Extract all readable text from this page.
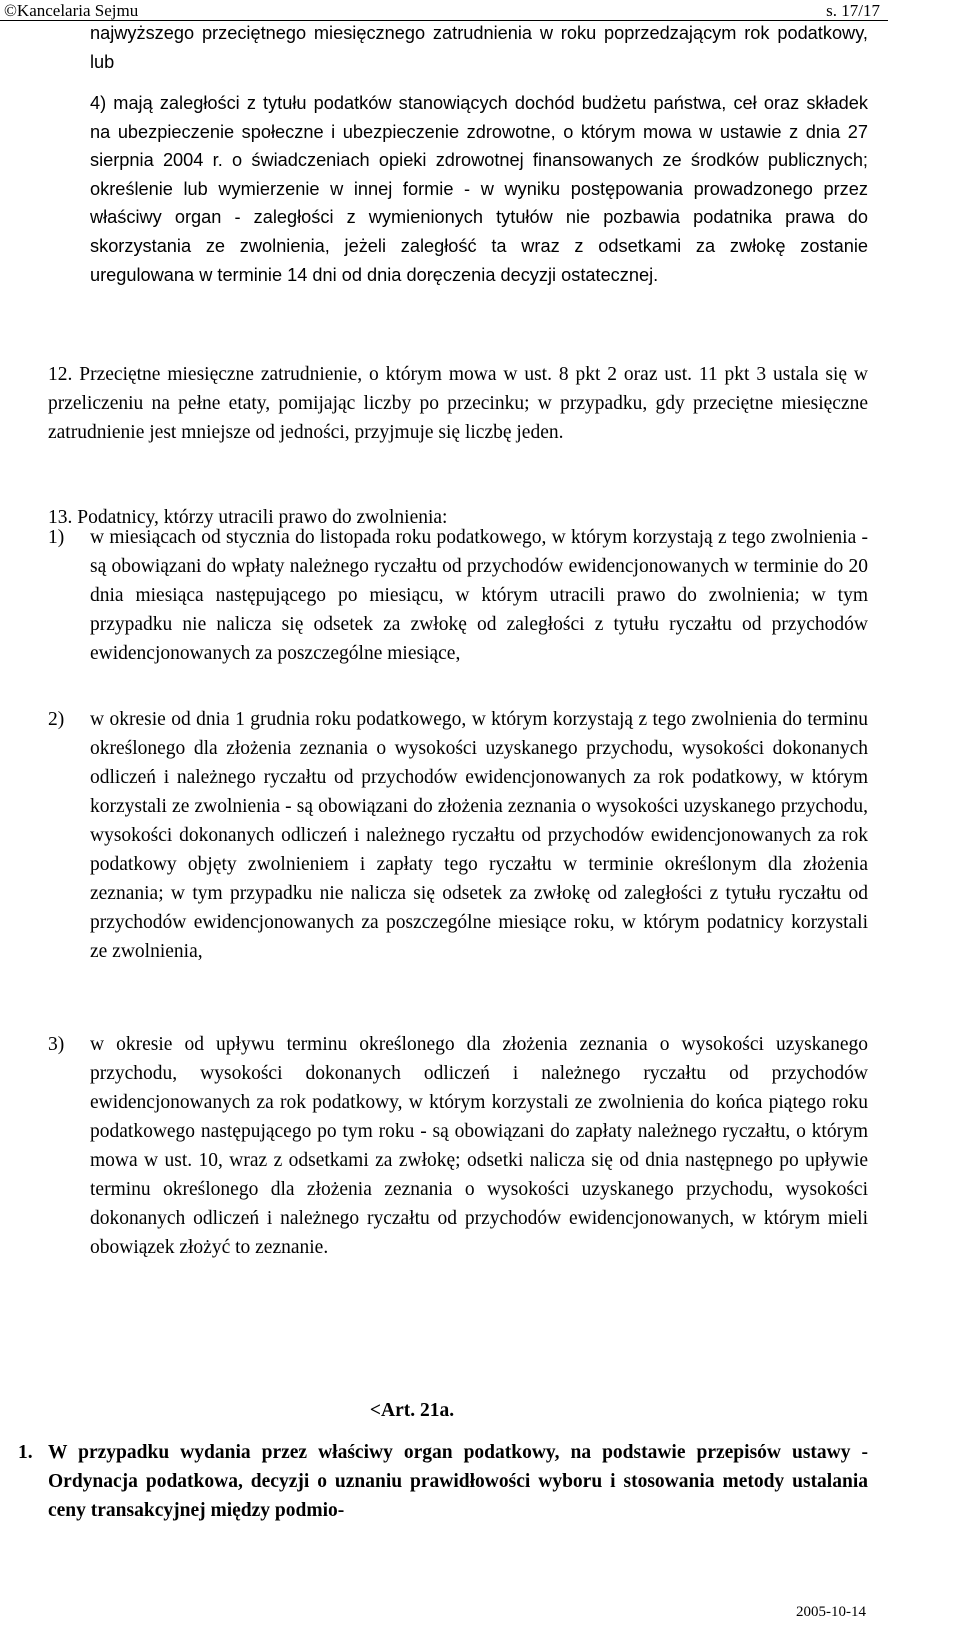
©Kancelaria Sejmu	s. 17/17
najwyższego przeciętnego miesięcznego zatrudnienia w roku poprzedzającym rok podatkowy, lub
4) mają zaległości z tytułu podatków stanowiących dochód budżetu państwa, ceł oraz składek na ubezpieczenie społeczne i ubezpieczenie zdrowotne, o którym mowa w ustawie z dnia 27 sierpnia 2004 r. o świadczeniach opieki zdrowotnej finansowanych ze środków publicznych; określenie lub wymierzenie w innej formie - w wyniku postępowania prowadzonego przez właściwy organ - zaległości z wymienionych tytułów nie pozbawia podatnika prawa do skorzystania ze zwolnienia, jeżeli zaległość ta wraz z odsetkami za zwłokę zostanie uregulowana w terminie 14 dni od dnia doręczenia decyzji ostatecznej.
12. Przeciętne miesięczne zatrudnienie, o którym mowa w ust. 8 pkt 2 oraz ust. 11 pkt 3 ustala się w przeliczeniu na pełne etaty, pomijając liczby po przecinku; w przypadku, gdy przeciętne miesięczne zatrudnienie jest mniejsze od jedności, przyjmuje się liczbę jeden.
13. Podatnicy, którzy utracili prawo do zwolnienia:
1) w miesiącach od stycznia do listopada roku podatkowego, w którym korzystają z tego zwolnienia - są obowiązani do wpłaty należnego ryczałtu od przychodów ewidencjonowanych w terminie do 20 dnia miesiąca następującego po miesiącu, w którym utracili prawo do zwolnienia; w tym przypadku nie nalicza się odsetek za zwłokę od zaległości z tytułu ryczałtu od przychodów ewidencjonowanych za poszczególne miesiące,
2) w okresie od dnia 1 grudnia roku podatkowego, w którym korzystają z tego zwolnienia do terminu określonego dla złożenia zeznania o wysokości uzyskanego przychodu, wysokości dokonanych odliczeń i należnego ryczałtu od przychodów ewidencjonowanych za rok podatkowy, w którym korzystali ze zwolnienia - są obowiązani do złożenia zeznania o wysokości uzyskanego przychodu, wysokości dokonanych odliczeń i należnego ryczałtu od przychodów ewidencjonowanych za rok podatkowy objęty zwolnieniem i zapłaty tego ryczałtu w terminie określonym dla złożenia zeznania; w tym przypadku nie nalicza się odsetek za zwłokę od zaległości z tytułu ryczałtu od przychodów ewidencjonowanych za poszczególne miesiące roku, w którym podatnicy korzystali ze zwolnienia,
3) w okresie od upływu terminu określonego dla złożenia zeznania o wysokości uzyskanego przychodu, wysokości dokonanych odliczeń i należnego ryczałtu od przychodów ewidencjonowanych za rok podatkowy, w którym korzystali ze zwolnienia do końca piątego roku podatkowego następującego po tym roku - są obowiązani do zapłaty należnego ryczałtu, o którym mowa w ust. 10, wraz z odsetkami za zwłokę; odsetki nalicza się od dnia następnego po upływie terminu określonego dla złożenia zeznania o wysokości uzyskanego przychodu, wysokości dokonanych odliczeń i należnego ryczałtu od przychodów ewidencjonowanych, w którym mieli obowiązek złożyć to zeznanie.
<Art. 21a.
1. W przypadku wydania przez właściwy organ podatkowy, na podstawie przepisów ustawy - Ordynacja podatkowa, decyzji o uznaniu prawidłowości wyboru i stosowania metody ustalania ceny transakcyjnej między podmio-
2005-10-14
